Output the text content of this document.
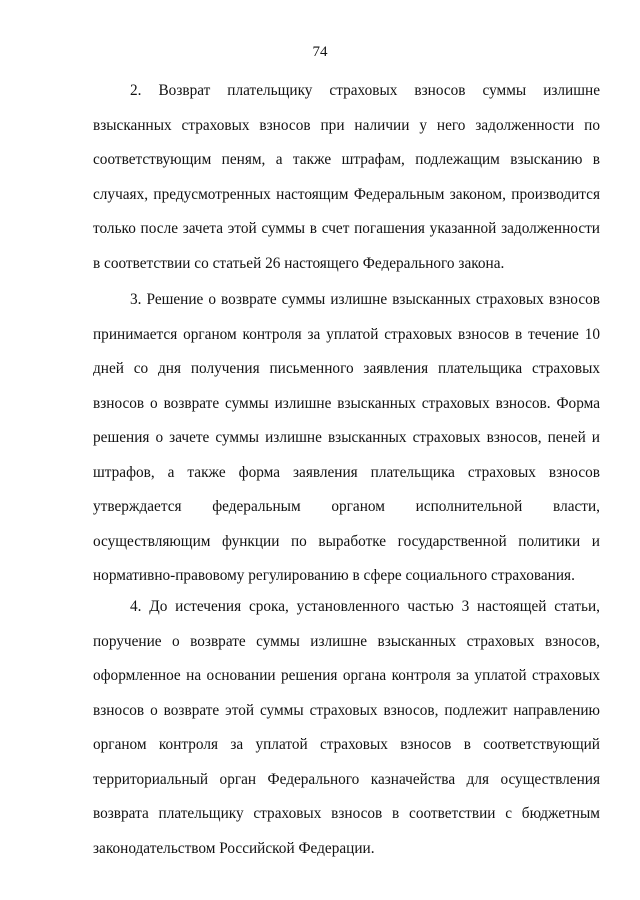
74

2. Возврат плательщику страховых взносов суммы излишне взысканных страховых взносов при наличии у него задолженности по соответствующим пеням, а также штрафам, подлежащим взысканию в случаях, предусмотренных настоящим Федеральным законом, производится только после зачета этой суммы в счет погашения указанной задолженности в соответствии со статьей 26 настоящего Федерального закона.

3. Решение о возврате суммы излишне взысканных страховых взносов принимается органом контроля за уплатой страховых взносов в течение 10 дней со дня получения письменного заявления плательщика страховых взносов о возврате суммы излишне взысканных страховых взносов. Форма решения о зачете суммы излишне взысканных страховых взносов, пеней и штрафов, а также форма заявления плательщика страховых взносов утверждается федеральным органом исполнительной власти, осуществляющим функции по выработке государственной политики и нормативно-правовому регулированию в сфере социального страхования.

4. До истечения срока, установленного частью 3 настоящей статьи, поручение о возврате суммы излишне взысканных страховых взносов, оформленное на основании решения органа контроля за уплатой страховых взносов о возврате этой суммы страховых взносов, подлежит направлению органом контроля за уплатой страховых взносов в соответствующий территориальный орган Федерального казначейства для осуществления возврата плательщику страховых взносов в соответствии с бюджетным законодательством Российской Федерации.
